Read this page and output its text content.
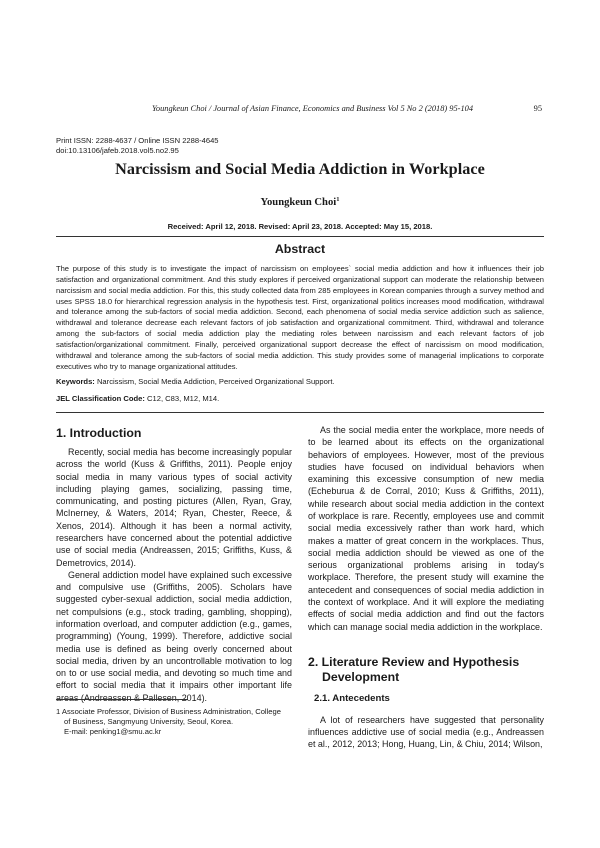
Youngkeun Choi / Journal of Asian Finance, Economics and Business Vol 5 No 2 (2018) 95-104	95
Print ISSN: 2288-4637 / Online ISSN 2288-4645
doi:10.13106/jafeb.2018.vol5.no2.95
Narcissism and Social Media Addiction in Workplace
Youngkeun Choi$^1$
Received: April 12, 2018. Revised: April 23, 2018. Accepted: May 15, 2018.
Abstract

The purpose of this study is to investigate the impact of narcissism on employees` social media addiction and how it influences their job satisfaction and organizational commitment. And this study explores if perceived organizational support can moderate the relationship between narcissism and social media addiction. For this, this study collected data from 285 employees in Korean companies through a survey method and uses SPSS 18.0 for hierarchical regression analysis in the hypothesis test. First, organizational politics increases mood modification, withdrawal and tolerance among the sub-factors of social media addiction. Second, each phenomena of social media service addiction such as salience, withdrawal and tolerance decrease each relevant factors of job satisfaction and organizational commitment. Third, withdrawal and tolerance among the sub-factors of social media addiction play the mediating roles between narcissism and each relevant factors of job satisfaction/organizational commitment. Finally, perceived organizational support decrease the effect of narcissism on mood modification, withdrawal and tolerance among the sub-factors of social media addiction. This study provides some of managerial implications to corporate executives who try to manage organizational attitudes.

Keywords: Narcissism, Social Media Addiction, Perceived Organizational Support.
JEL Classification Code: C12, C83, M12, M14.
1. Introduction

Recently, social media has become increasingly popular across the world (Kuss & Griffiths, 2011). People enjoy social media in many various types of social activity including playing games, socializing, passing time, communicating, and posting pictures (Allen, Ryan, Gray, McInerney, & Waters, 2014; Ryan, Chester, Reece, & Xenos, 2014). Although it has been a normal activity, researchers have concerned about the potential addictive use of social media (Andreassen, 2015; Griffiths, Kuss, & Demetrovics, 2014).

General addiction model have explained such excessive and compulsive use (Griffiths, 2005). Scholars have suggested cyber-sexual addiction, social media addiction, net compulsions (e.g., stock trading, gambling, shopping), information overload, and computer addiction (e.g., games, programming) (Young, 1999). Therefore, addictive social media use is defined as being overly concerned about social media, driven by an uncontrollable motivation to log on to or use social media, and devoting so much time and effort to social media that it impairs other important life areas (Andreassen & Pallesen, 2014).

As the social media enter the workplace, more needs of to be learned about its effects on the organizational behaviors of employees. However, most of the previous studies have focused on individual behaviors when examining this excessive consumption of new media (Echeburua & de Corral, 2010; Kuss & Griffiths, 2011), while research about social media addiction in the context of workplace is rare. Recently, employees use and commit social media excessively rather than work hard, which makes a matter of great concern in the workplaces. Thus, social media addiction should be viewed as one of the serious organizational problems arising in today's workplace. Therefore, the present study will examine the antecedent and consequences of social media addiction in the context of workplace. And it will explore the mediating effects of social media addiction and find out the factors which can manage social media addiction in the workplace.

2. Literature Review and Hypothesis
Development
2.1. Antecedents

A lot of researchers have suggested that personality influences addictive use of social media (e.g., Andreassen et al., 2012, 2013; Hong, Huang, Lin, & Chiu, 2014; Wilson,

1 Associate Professor, Division of Business Administration, College
of Business, Sangmyung University, Seoul, Korea.
E-mail: penking1@smu.ac.kr
